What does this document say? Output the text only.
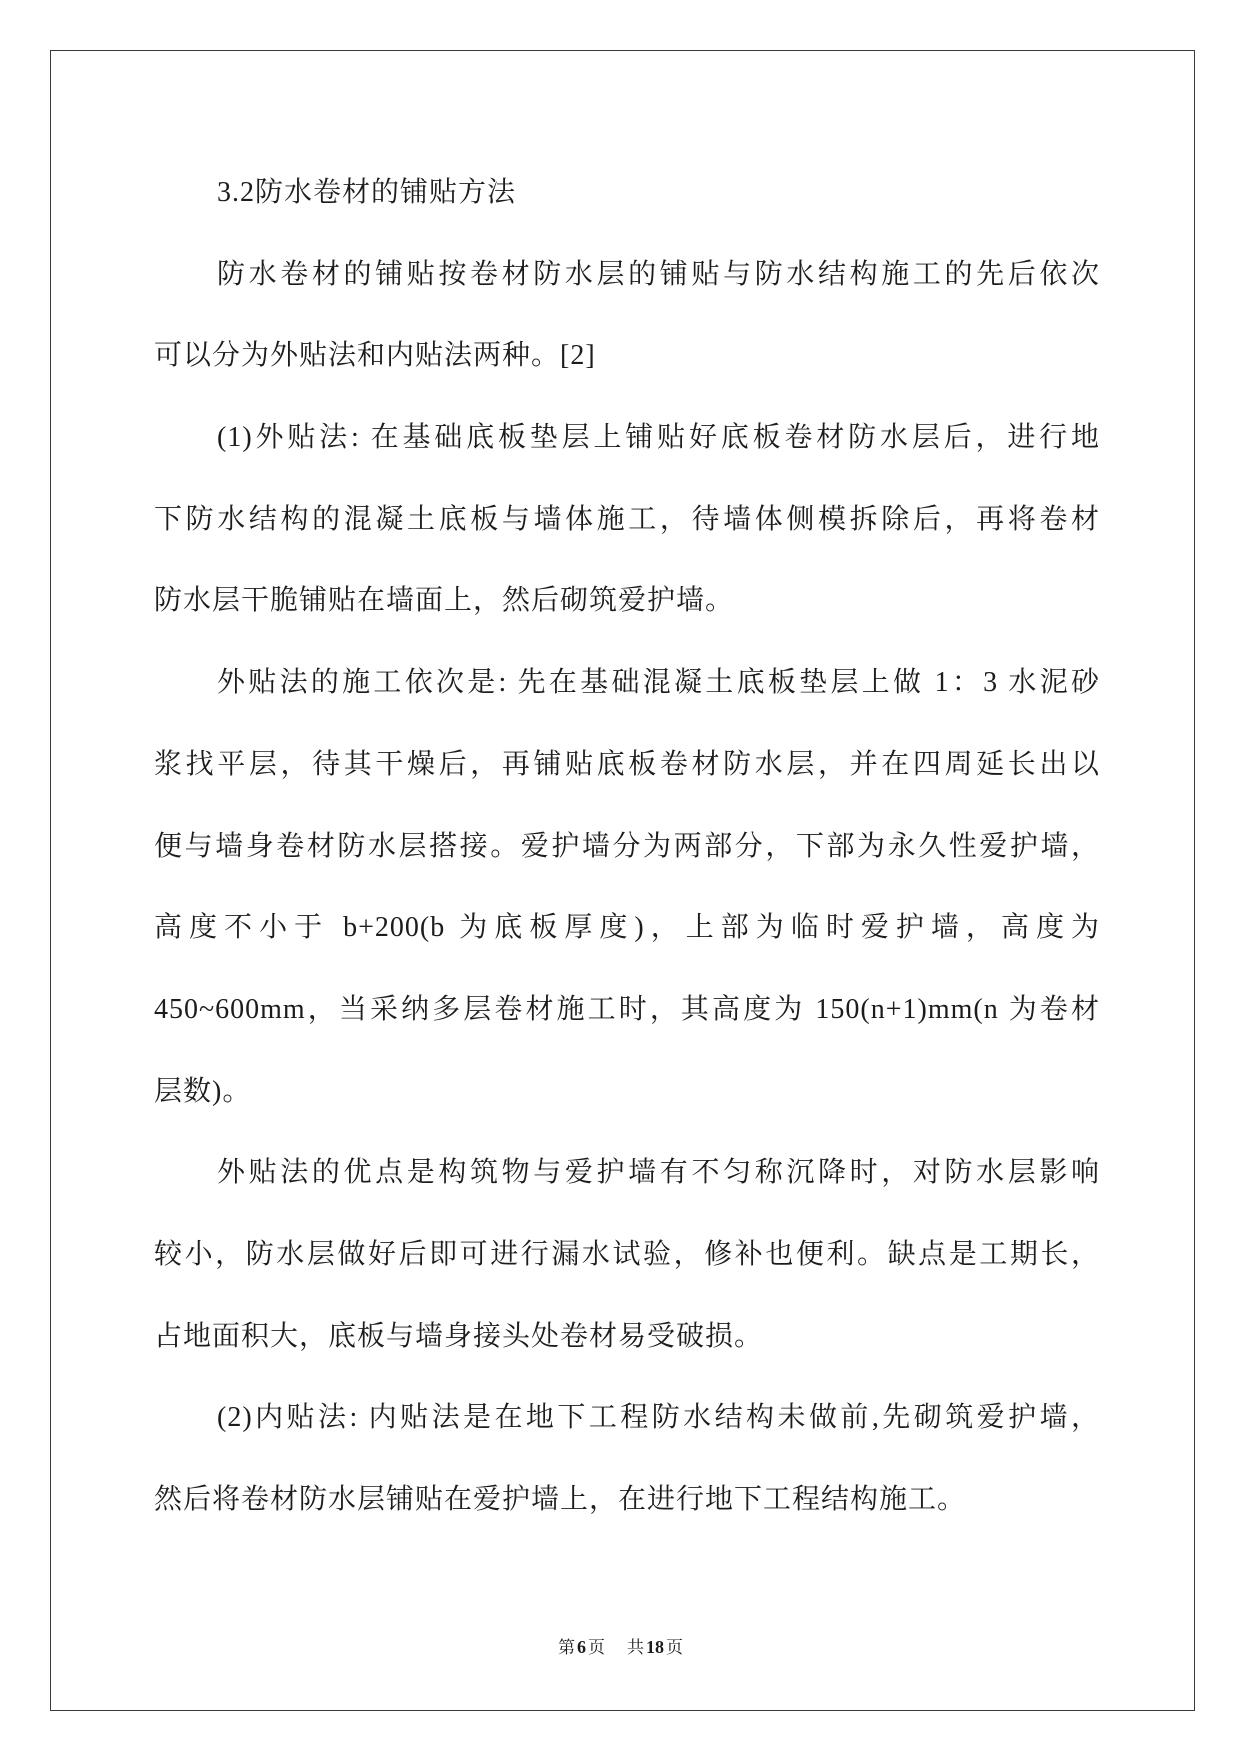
3.2防水卷材的铺贴方法
防水卷材的铺贴按卷材防水层的铺贴与防水结构施工的先后依次
可以分为外贴法和内贴法两种。[2]
(1)外贴法: 在基础底板垫层上铺贴好底板卷材防水层后，进行地
下防水结构的混凝土底板与墙体施工，待墙体侧模拆除后，再将卷材
防水层干脆铺贴在墙面上，然后砌筑爱护墙。
外贴法的施工依次是: 先在基础混凝土底板垫层上做 1：3 水泥砂
浆找平层，待其干燥后，再铺贴底板卷材防水层，并在四周延长出以
便与墙身卷材防水层搭接。爱护墙分为两部分，下部为永久性爱护墙，
高度不小于 b+200(b 为底板厚度)，上部为临时爱护墙，高度为
450~600mm，当采纳多层卷材施工时，其高度为 150(n+1)mm(n 为卷材
层数)。
外贴法的优点是构筑物与爱护墙有不匀称沉降时，对防水层影响
较小，防水层做好后即可进行漏水试验，修补也便利。缺点是工期长，
占地面积大，底板与墙身接头处卷材易受破损。
(2)内贴法: 内贴法是在地下工程防水结构未做前,先砌筑爱护墙，
然后将卷材防水层铺贴在爱护墙上，在进行地下工程结构施工。
第 6 页 共 18 页
